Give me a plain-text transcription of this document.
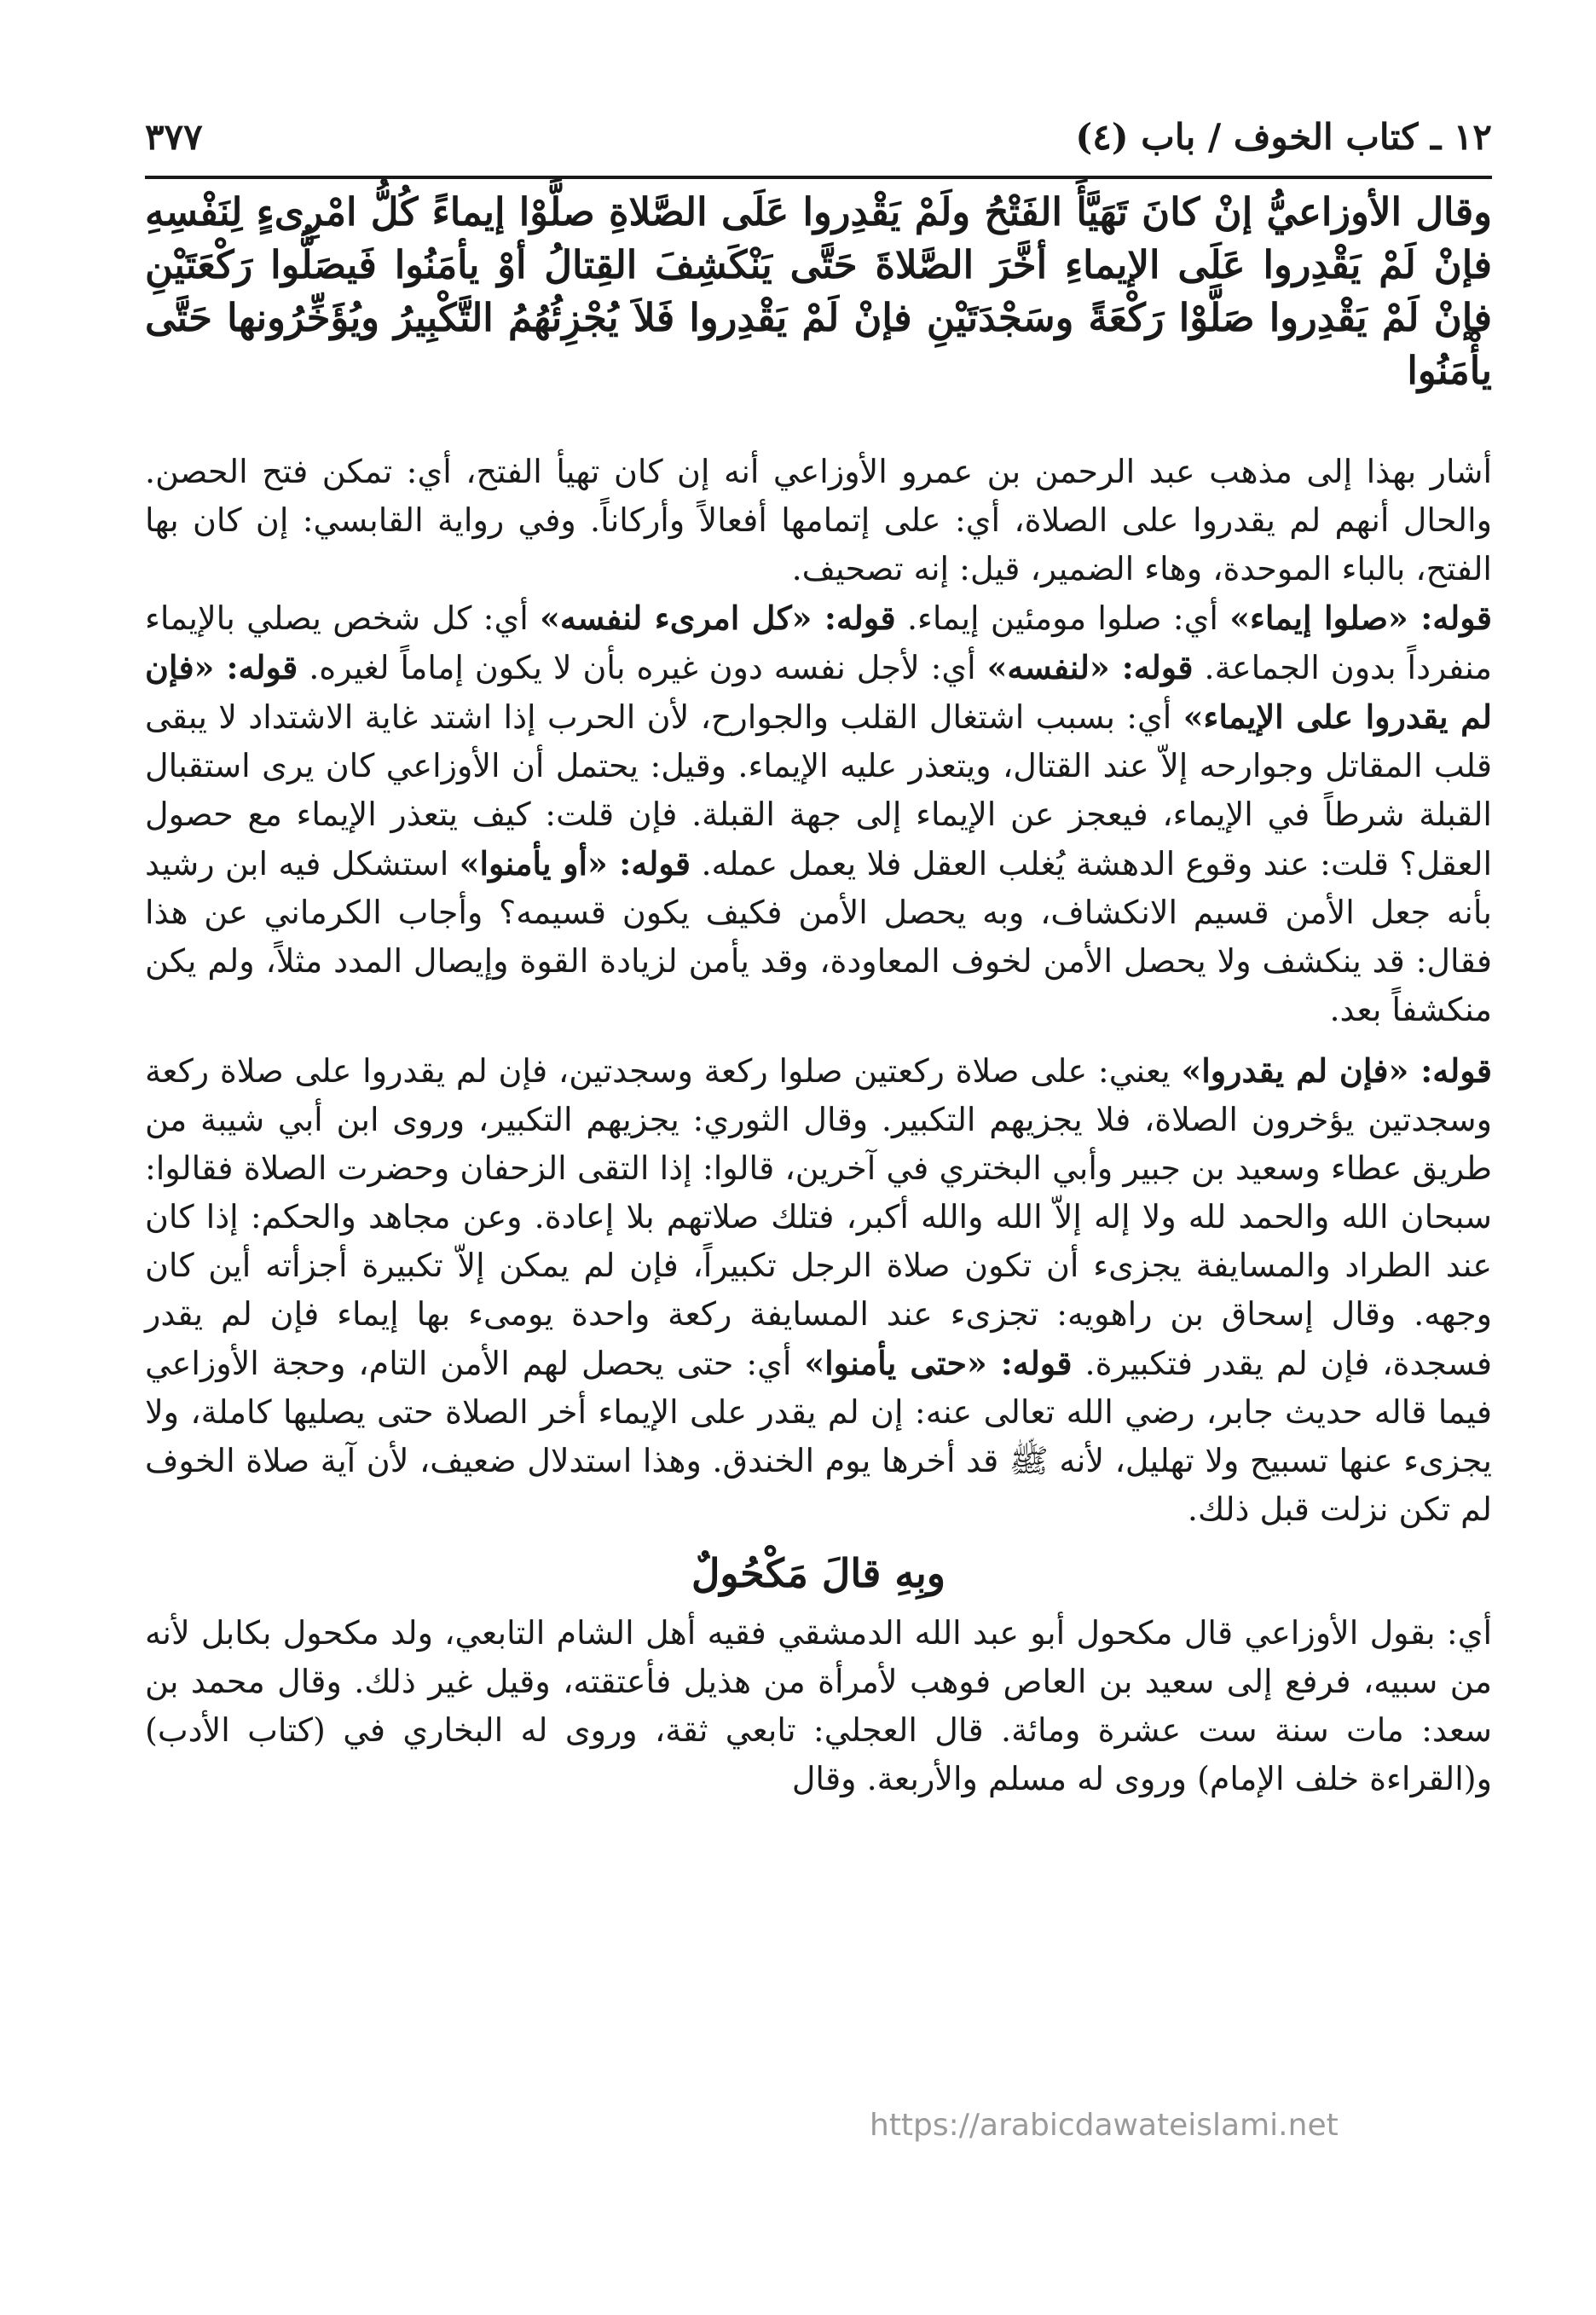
١٢ ـ كتاب الخوف / باب (٤)
٣٧٧

وقال الأوزاعيُّ إنْ كانَ تَهَيَّأَ الفَتْحُ ولَمْ يَقْدِروا عَلَى الصَّلاةِ صلَّوْا إيماءً كُلُّ امْرِىءٍ لِنَفْسِهِ فإنْ لَمْ يَقْدِروا عَلَى الإيماءِ أخَّرَ الصَّلاةَ حَتَّى يَنْكَشِفَ القِتالُ أوْ يأمَنُوا فَيصَلُّوا رَكْعَتَيْنِ فإنْ لَمْ يَقْدِروا صَلَّوْا رَكْعَةً وسَجْدَتَيْنِ فإنْ لَمْ يَقْدِروا فَلاَ يُجْزِئُهُمُ التَّكْبِيرُ ويُؤَخِّرُونها حَتَّى يأْمَنُوا

أشار بهذا إلى مذهب عبد الرحمن بن عمرو الأوزاعي أنه إن كان تهيأ الفتح، أي: تمكن فتح الحصن. والحال أنهم لم يقدروا على الصلاة، أي: على إتمامها أفعالاً وأركاناً. وفي رواية القابسي: إن كان بها الفتح، بالباء الموحدة، وهاء الضمير، قيل: إنه تصحيف.
قوله: «صلوا إيماء» أي: صلوا مومئين إيماء. قوله: «كل امرىء لنفسه» أي: كل شخص يصلي بالإيماء منفرداً بدون الجماعة. قوله: «لنفسه» أي: لأجل نفسه دون غيره بأن لا يكون إماماً لغيره. قوله: «فإن لم يقدروا على الإيماء» أي: بسبب اشتغال القلب والجوارح، لأن الحرب إذا اشتد غاية الاشتداد لا يبقى قلب المقاتل وجوارحه إلاّ عند القتال، ويتعذر عليه الإيماء. وقيل: يحتمل أن الأوزاعي كان يرى استقبال القبلة شرطاً في الإيماء، فيعجز عن الإيماء إلى جهة القبلة. فإن قلت: كيف يتعذر الإيماء مع حصول العقل؟ قلت: عند وقوع الدهشة يُغلب العقل فلا يعمل عمله. قوله: «أو يأمنوا» استشكل فيه ابن رشيد بأنه جعل الأمن قسيم الانكشاف، وبه يحصل الأمن فكيف يكون قسيمه؟ وأجاب الكرماني عن هذا فقال: قد ينكشف ولا يحصل الأمن لخوف المعاودة، وقد يأمن لزيادة القوة وإيصال المدد مثلاً، ولم يكن منكشفاً بعد.

قوله: «فإن لم يقدروا» يعني: على صلاة ركعتين صلوا ركعة وسجدتين، فإن لم يقدروا على صلاة ركعة وسجدتين يؤخرون الصلاة، فلا يجزيهم التكبير. وقال الثوري: يجزيهم التكبير، وروى ابن أبي شيبة من طريق عطاء وسعيد بن جبير وأبي البختري في آخرين، قالوا: إذا التقى الزحفان وحضرت الصلاة فقالوا: سبحان الله والحمد لله ولا إله إلاّ الله والله أكبر، فتلك صلاتهم بلا إعادة. وعن مجاهد والحكم: إذا كان عند الطراد والمسايفة يجزىء أن تكون صلاة الرجل تكبيراً، فإن لم يمكن إلاّ تكبيرة أجزأته أين كان وجهه. وقال إسحاق بن راهويه: تجزىء عند المسايفة ركعة واحدة يومىء بها إيماء فإن لم يقدر فسجدة، فإن لم يقدر فتكبيرة. قوله: «حتى يأمنوا» أي: حتى يحصل لهم الأمن التام، وحجة الأوزاعي فيما قاله حديث جابر، رضي الله تعالى عنه: إن لم يقدر على الإيماء أخر الصلاة حتى يصليها كاملة، ولا يجزىء عنها تسبيح ولا تهليل، لأنه ﷺ قد أخرها يوم الخندق. وهذا استدلال ضعيف، لأن آية صلاة الخوف لم تكن نزلت قبل ذلك.

وبِهِ قالَ مَكْحُولٌ

أي: بقول الأوزاعي قال مكحول أبو عبد الله الدمشقي فقيه أهل الشام التابعي، ولد مكحول بكابل لأنه من سبيه، فرفع إلى سعيد بن العاص فوهب لأمرأة من هذيل فأعتقته، وقيل غير ذلك. وقال محمد بن سعد: مات سنة ست عشرة ومائة. قال العجلي: تابعي ثقة، وروى له البخاري في (كتاب الأدب) و(القراءة خلف الإمام) وروى له مسلم والأربعة. وقال

https://arabicdawateislami.net
